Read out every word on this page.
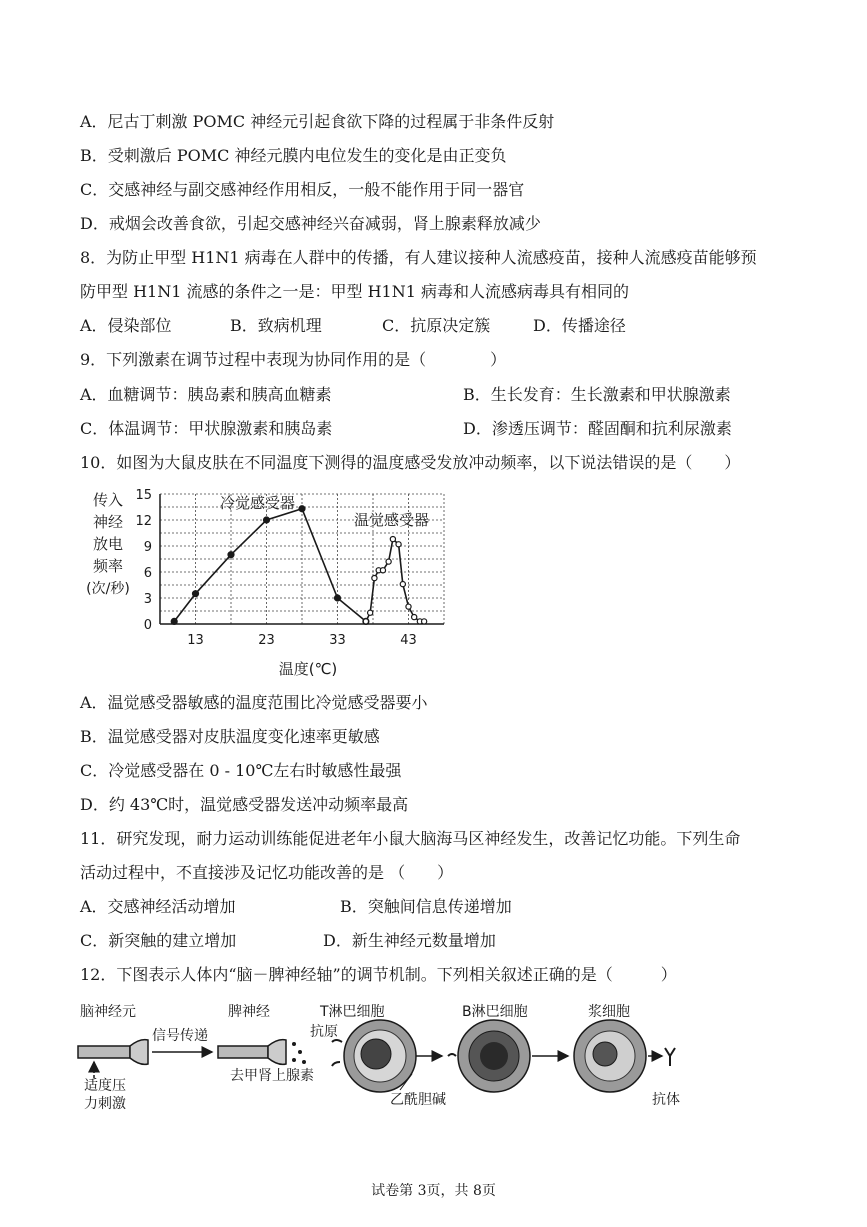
A．尼古丁刺激 POMC 神经元引起食欲下降的过程属于非条件反射
B．受刺激后 POMC 神经元膜内电位发生的变化是由正变负
C．交感神经与副交感神经作用相反，一般不能作用于同一器官
D．戒烟会改善食欲，引起交感神经兴奋减弱，肾上腺素释放减少
8．为防止甲型 H1N1 病毒在人群中的传播，有人建议接种人流感疫苗，接种人流感疫苗能够预
防甲型 H1N1 流感的条件之一是：甲型 H1N1 病毒和人流感病毒具有相同的
A．侵染部位	B．致病机理	C．抗原决定簇	D．传播途径
9．下列激素在调节过程中表现为协同作用的是（　　　　）
A．血糖调节：胰岛素和胰高血糖素	B．生长发育：生长激素和甲状腺激素
C．体温调节：甲状腺激素和胰岛素	D．渗透压调节：醛固酮和抗利尿激素
10．如图为大鼠皮肤在不同温度下测得的温度感受发放冲动频率，以下说法错误的是（　　）
传入
神经
放电
频率
(次/秒)
0
3
6
9
12
15
13	23	33	43
冷觉感受器
温觉感受器
温度(℃)
A．温觉感受器敏感的温度范围比冷觉感受器要小
B．温觉感受器对皮肤温度变化速率更敏感
C．冷觉感受器在 0 - 10℃左右时敏感性最强
D．约 43℃时，温觉感受器发送冲动频率最高
11．研究发现，耐力运动训练能促进老年小鼠大脑海马区神经发生，改善记忆功能。下列生命
活动过程中，不直接涉及记忆功能改善的是 （　　）
A．交感神经活动增加	B．突触间信息传递增加
C．新突触的建立增加	D．新生神经元数量增加
12．下图表示人体内“脑－脾神经轴”的调节机制。下列相关叙述正确的是（　　　）
脑神经元	脾神经	T淋巴细胞	B淋巴细胞	浆细胞
信号传递	抗原
适度压
力刺激
去甲肾上腺素
乙酰胆碱	抗体
试卷第 3页，共 8页
